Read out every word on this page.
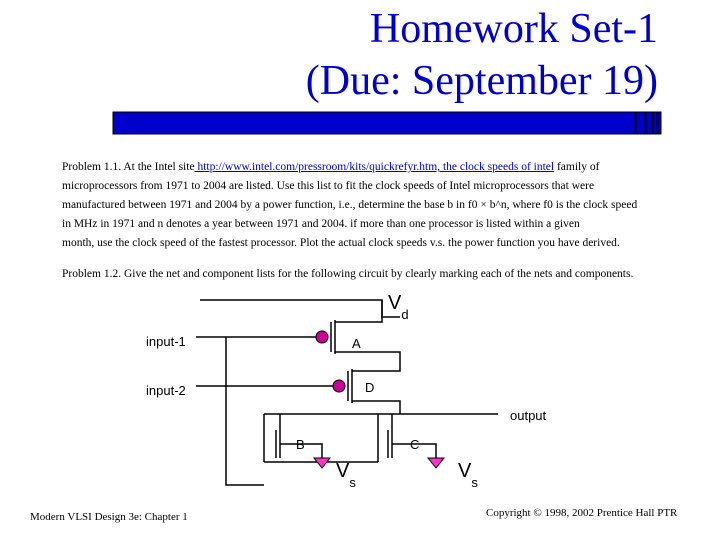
Homework Set-1
(Due: September 19)
Problem 1.1. At the Intel site http://www.intel.com/pressroom/kits/quickrefyr.htm, the clock speeds of intel family of
microprocessors from 1971 to 2004 are listed. Use this list to fit the clock speeds of Intel microprocessors that were
manufactured between 1971 and 2004 by a power function, i.e., determine the base b in f0 × b^n, where f0 is the clock speed
in MHz in 1971 and n denotes a year between 1971 and 2004. if more than one processor is listed within a given
month, use the clock speed of the fastest processor. Plot the actual clock speeds v.s. the power function you have derived.
Problem 1.2. Give the net and component lists for the following circuit by clearly marking each of the nets and components.
$V_d$
input-1	A
input-2	D
output
B	C
$V_s$
$V_s$
Modern VLSI Design 3e: Chapter 1	Copyright © 1998, 2002 Prentice Hall PTR
